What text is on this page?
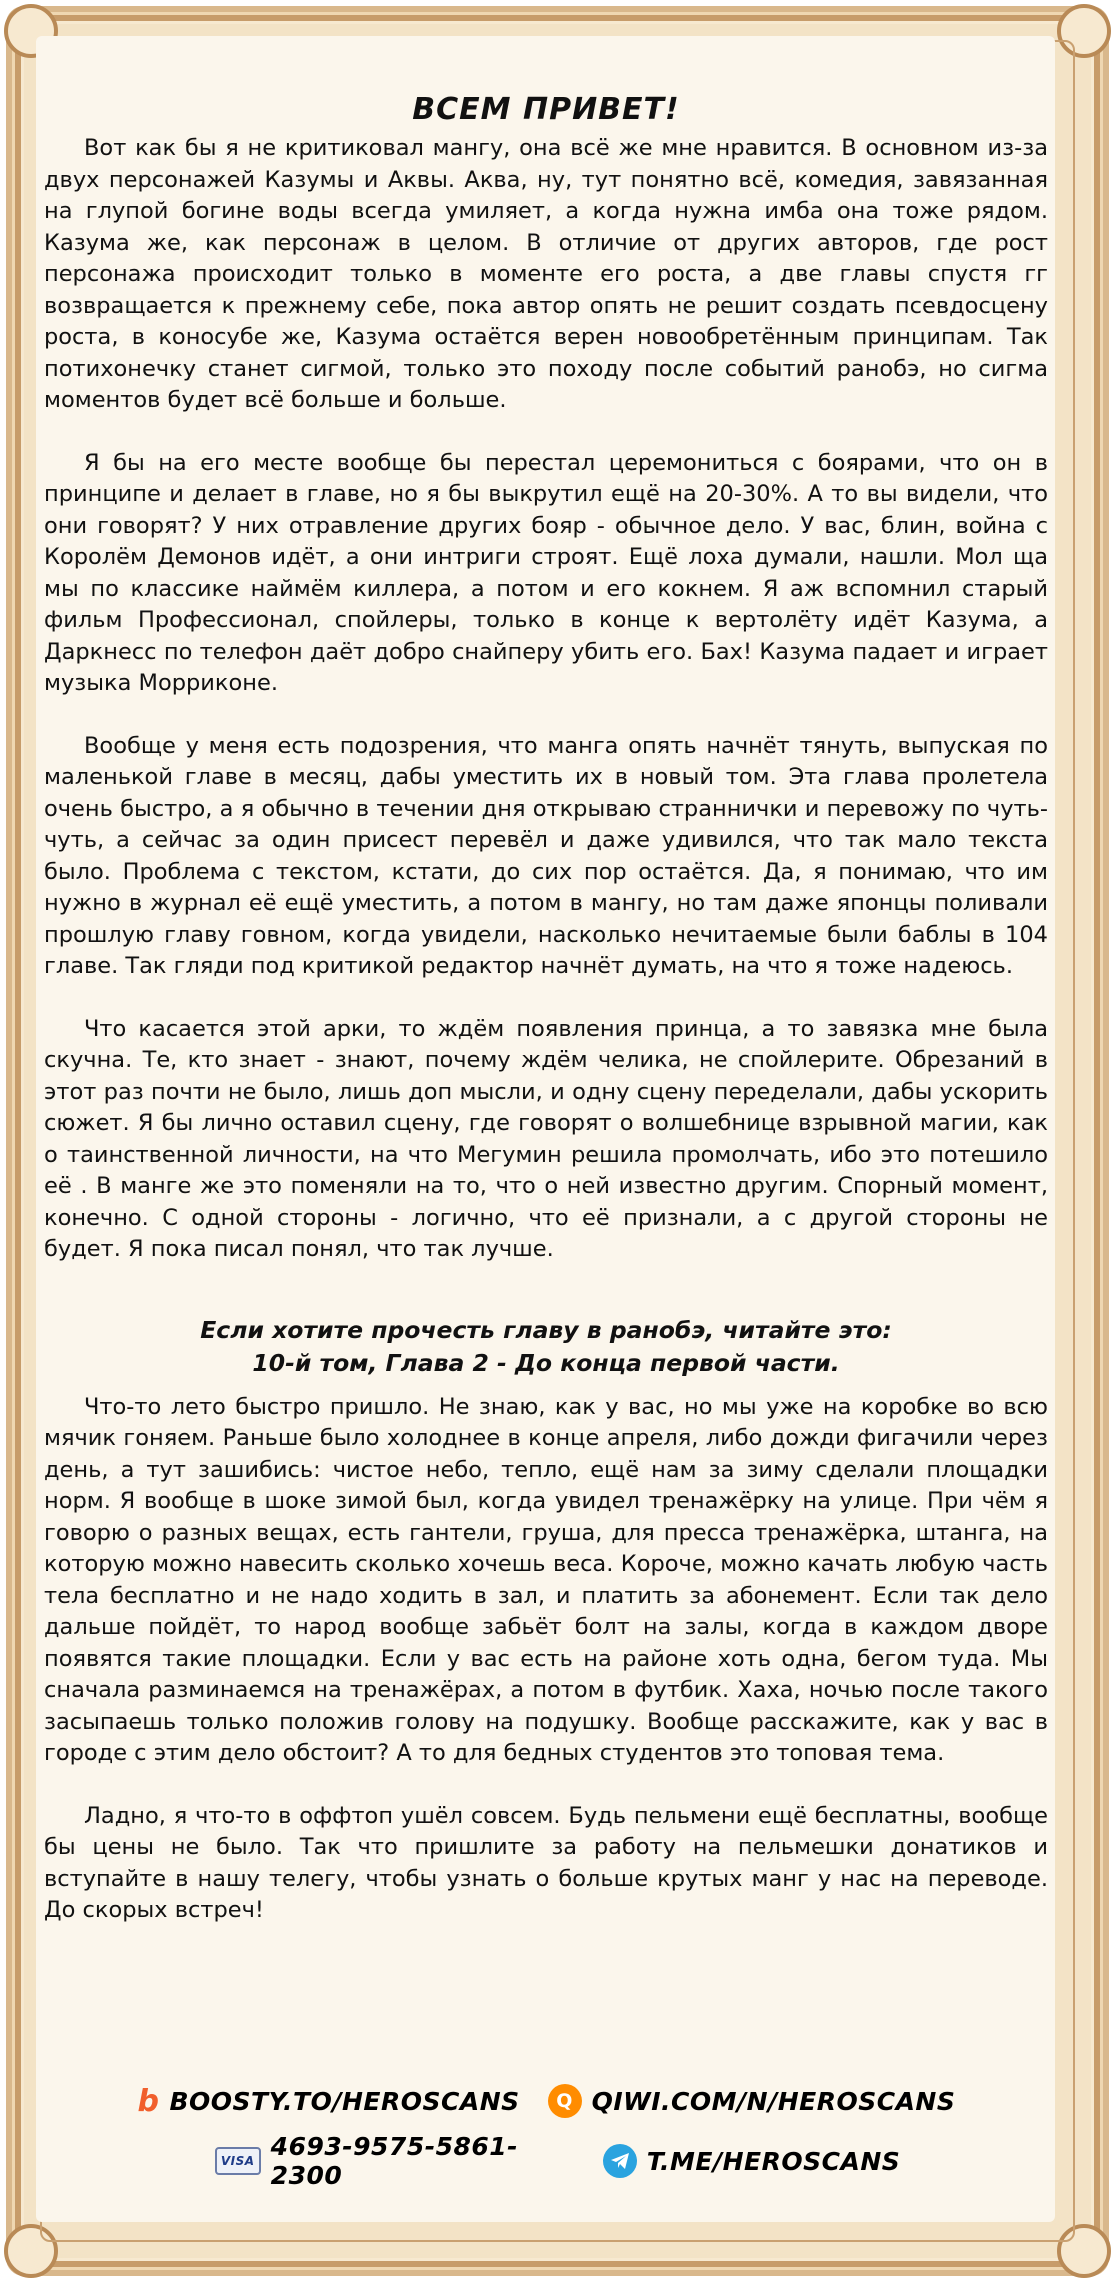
ВСЕМ ПРИВЕТ!

Вот как бы я не критиковал мангу, она всё же мне нравится. В основном из-за двух персонажей Казумы и Аквы. Аква, ну, тут понятно всё, комедия, завязанная на глупой богине воды всегда умиляет, а когда нужна имба она тоже рядом. Казума же, как персонаж в целом. В отличие от других авторов, где рост персонажа происходит только в моменте его роста, а две главы спустя гг возвращается к прежнему себе, пока автор опять не решит создать псевдосцену роста, в коносубе же, Казума остаётся верен новообретённым принципам. Так потихонечку станет сигмой, только это походу после событий ранобэ, но сигма моментов будет всё больше и больше.

Я бы на его месте вообще бы перестал церемониться с боярами, что он в принципе и делает в главе, но я бы выкрутил ещё на 20-30%. А то вы видели, что они говорят? У них отравление других бояр - обычное дело. У вас, блин, война с Королём Демонов идёт, а они интриги строят. Ещё лоха думали, нашли. Мол ща мы по классике наймём киллера, а потом и его кокнем. Я аж вспомнил старый фильм Профессионал, спойлеры, только в конце к вертолёту идёт Казума, а Даркнесс по телефон даёт добро снайперу убить его. Бах! Казума падает и играет музыка Морриконе.

Вообще у меня есть подозрения, что манга опять начнёт тянуть, выпуская по маленькой главе в месяц, дабы уместить их в новый том. Эта глава пролетела очень быстро, а я обычно в течении дня открываю страннички и перевожу по чуть-чуть, а сейчас за один присест перевёл и даже удивился, что так мало текста было. Проблема с текстом, кстати, до сих пор остаётся. Да, я понимаю, что им нужно в журнал её ещё уместить, а потом в мангу, но там даже японцы поливали прошлую главу говном, когда увидели, насколько нечитаемые были баблы в 104 главе. Так гляди под критикой редактор начнёт думать, на что я тоже надеюсь.

Что касается этой арки, то ждём появления принца, а то завязка мне была скучна. Те, кто знает - знают, почему ждём челика, не спойлерите. Обрезаний в этот раз почти не было, лишь доп мысли, и одну сцену переделали, дабы ускорить сюжет. Я бы лично оставил сцену, где говорят о волшебнице взрывной магии, как о таинственной личности, на что Мегумин решила промолчать, ибо это потешило её . В манге же это поменяли на то, что о ней известно другим. Спорный момент, конечно. С одной стороны - логично, что её признали, а с другой стороны не будет. Я пока писал понял, что так лучше.

Если хотите прочесть главу в ранобэ, читайте это:
10-й том, Глава 2 - До конца первой части.

Что-то лето быстро пришло. Не знаю, как у вас, но мы уже на коробке во всю мячик гоняем. Раньше было холоднее в конце апреля, либо дожди фигачили через день, а тут зашибись: чистое небо, тепло, ещё нам за зиму сделали площадки норм. Я вообще в шоке зимой был, когда увидел тренажёрку на улице. При чём я говорю о разных вещах, есть гантели, груша, для пресса тренажёрка, штанга, на которую можно навесить сколько хочешь веса. Короче, можно качать любую часть тела бесплатно и не надо ходить в зал, и платить за абонемент. Если так дело дальше пойдёт, то народ вообще забьёт болт на залы, когда в каждом дворе появятся такие площадки. Если у вас есть на районе хоть одна, бегом туда. Мы сначала разминаемся на тренажёрах, а потом в футбик. Хаха, ночью после такого засыпаешь только положив голову на подушку. Вообще расскажите, как у вас в городе с этим дело обстоит? А то для бедных студентов это топовая тема.

Ладно, я что-то в оффтоп ушёл совсем. Будь пельмени ещё бесплатны, вообще бы цены не было. Так что пришлите за работу на пельмешки донатиков и вступайте в нашу телегу, чтобы узнать о больше крутых манг у нас на переводе. До скорых встреч!

b BOOSTY.TO/HEROSCANS	Q QIWI.COM/N/HEROSCANS
VISA 4693-9575-5861-2300	T.ME/HEROSCANS
